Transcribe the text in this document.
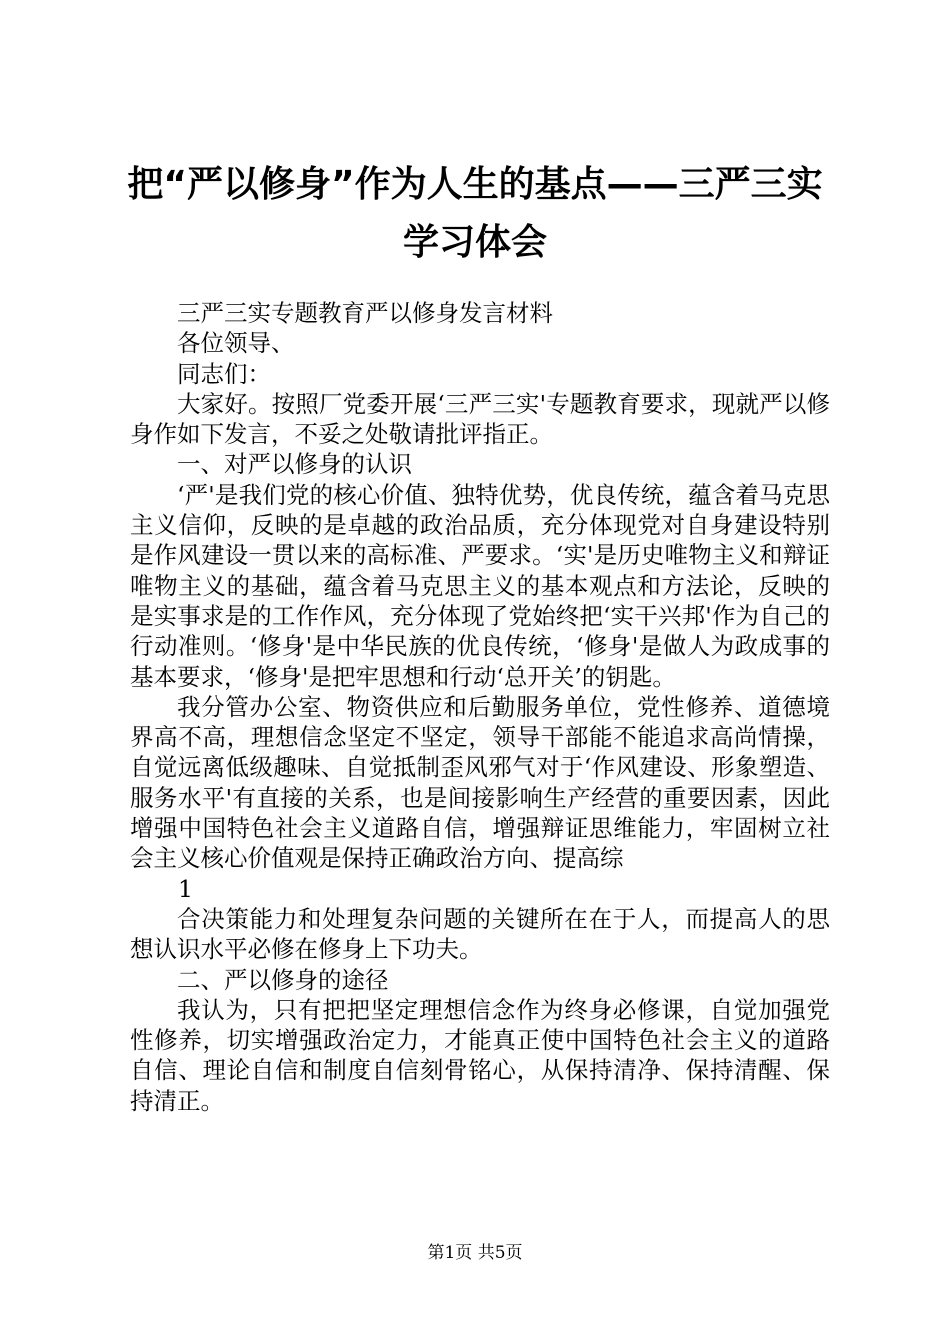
把“严以修身”作为人生的基点——三严三实
学习体会

三严三实专题教育严以修身发言材料

各位领导、

同志们：

大家好。按照厂党委开展‘三严三实'专题教育要求，现就严以修身作如下发言，不妥之处敬请批评指正。

一、对严以修身的认识

‘严'是我们党的核心价值、独特优势，优良传统，蕴含着马克思主义信仰，反映的是卓越的政治品质，充分体现党对自身建设特别是作风建设一贯以来的高标准、严要求。‘实'是历史唯物主义和辩证唯物主义的基础，蕴含着马克思主义的基本观点和方法论，反映的是实事求是的工作作风，充分体现了党始终把‘实干兴邦'作为自己的行动准则。‘修身'是中华民族的优良传统，‘修身'是做人为政成事的基本要求，‘修身'是把牢思想和行动‘总开关’的钥匙。

我分管办公室、物资供应和后勤服务单位，党性修养、道德境界高不高，理想信念坚定不坚定，领导干部能不能追求高尚情操，自觉远离低级趣味、自觉抵制歪风邪气对于‘作风建设、形象塑造、服务水平'有直接的关系，也是间接影响生产经营的重要因素，因此增强中国特色社会主义道路自信，增强辩证思维能力，牢固树立社会主义核心价值观是保持正确政治方向、提高综

1

合决策能力和处理复杂问题的关键所在在于人，而提高人的思想认识水平必修在修身上下功夫。

二、严以修身的途径

我认为，只有把把坚定理想信念作为终身必修课，自觉加强党性修养，切实增强政治定力，才能真正使中国特色社会主义的道路自信、理论自信和制度自信刻骨铭心，从保持清净、保持清醒、保持清正。

第1页 共5页
